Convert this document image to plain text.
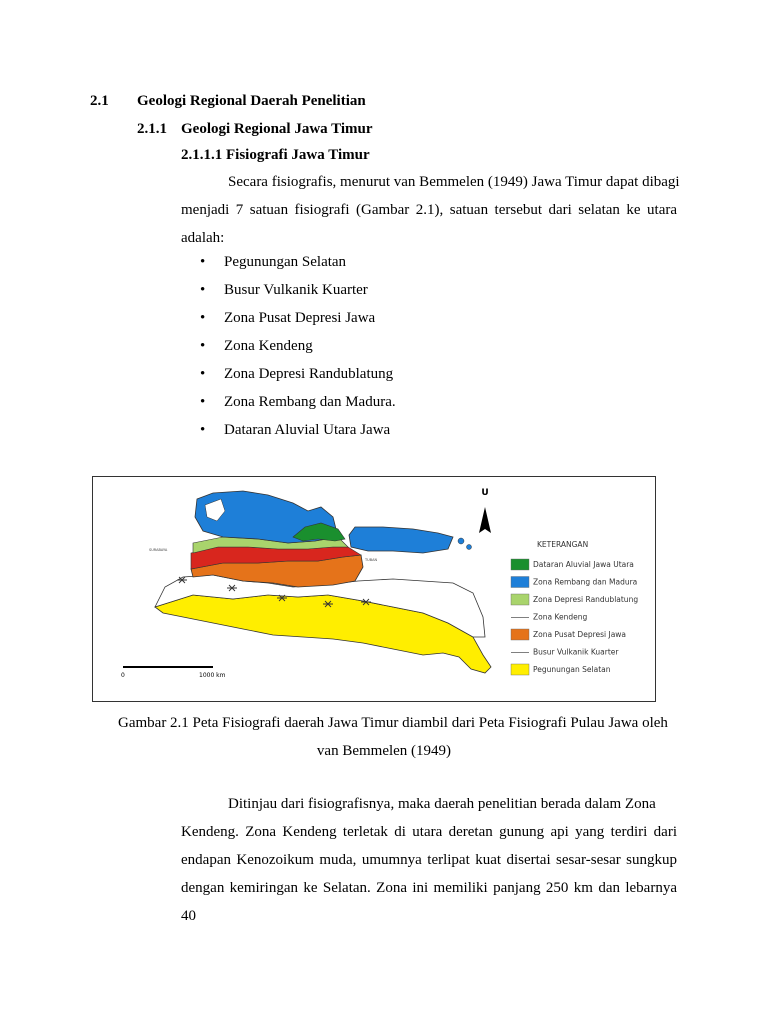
2.1 Geologi Regional Daerah Penelitian
2.1.1 Geologi Regional Jawa Timur
2.1.1.1 Fisiografi Jawa Timur
Secara fisiografis, menurut van Bemmelen (1949) Jawa Timur dapat dibagi
menjadi 7 satuan fisiografi (Gambar 2.1), satuan tersebut dari selatan ke utara
adalah:
• Pegunungan Selatan
• Busur Vulkanik Kuarter
• Zona Pusat Depresi Jawa
• Zona Kendeng
• Zona Depresi Randublatung
• Zona Rembang dan Madura.
• Dataran Aluvial Utara Jawa
SURABAYA
TUBAN
U
0	1000 km
KETERANGAN
Dataran Aluvial Jawa Utara
Zona Rembang dan Madura
Zona Depresi Randublatung
Zona Kendeng
Zona Pusat Depresi Jawa
Busur Vulkanik Kuarter
Pegunungan Selatan
Gambar 2.1 Peta Fisiografi daerah Jawa Timur diambil dari Peta Fisiografi Pulau Jawa oleh
van Bemmelen (1949)
Ditinjau dari fisiografisnya, maka daerah penelitian berada dalam Zona
Kendeng. Zona Kendeng terletak di utara deretan gunung api yang terdiri dari
endapan Kenozoikum muda, umumnya terlipat kuat disertai sesar-sesar sungkup
dengan kemiringan ke Selatan. Zona ini memiliki panjang 250 km dan lebarnya 40
